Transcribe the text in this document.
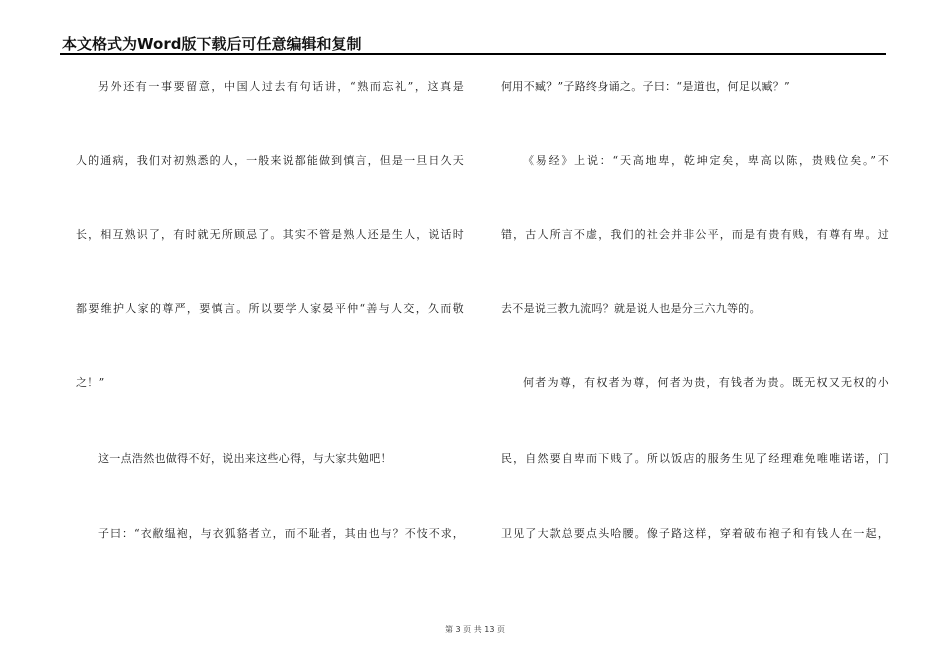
本文格式为Word版下载后可任意编辑和复制
另外还有一事要留意，中国人过去有句话讲，“熟而忘礼”，这真是
人的通病，我们对初熟悉的人，一般来说都能做到慎言，但是一旦日久天
长，相互熟识了，有时就无所顾忌了。其实不管是熟人还是生人，说话时
都要维护人家的尊严，要慎言。所以要学人家晏平仲“善与人交，久而敬
之！”
这一点浩然也做得不好，说出来这些心得，与大家共勉吧！
子曰：“衣敝缊袍，与衣狐貉者立，而不耻者，其由也与？不忮不求，
何用不臧？”子路终身诵之。子曰：“是道也，何足以臧？”
《易经》上说：“天高地卑，乾坤定矣，卑高以陈，贵贱位矣。”不
错，古人所言不虚，我们的社会并非公平，而是有贵有贱，有尊有卑。过
去不是说三教九流吗？就是说人也是分三六九等的。
何者为尊，有权者为尊，何者为贵，有钱者为贵。既无权又无权的小
民，自然要自卑而下贱了。所以饭店的服务生见了经理难免唯唯诺诺，门
卫见了大款总要点头哈腰。像子路这样，穿着破布袍子和有钱人在一起，
第 3 页 共 13 页
